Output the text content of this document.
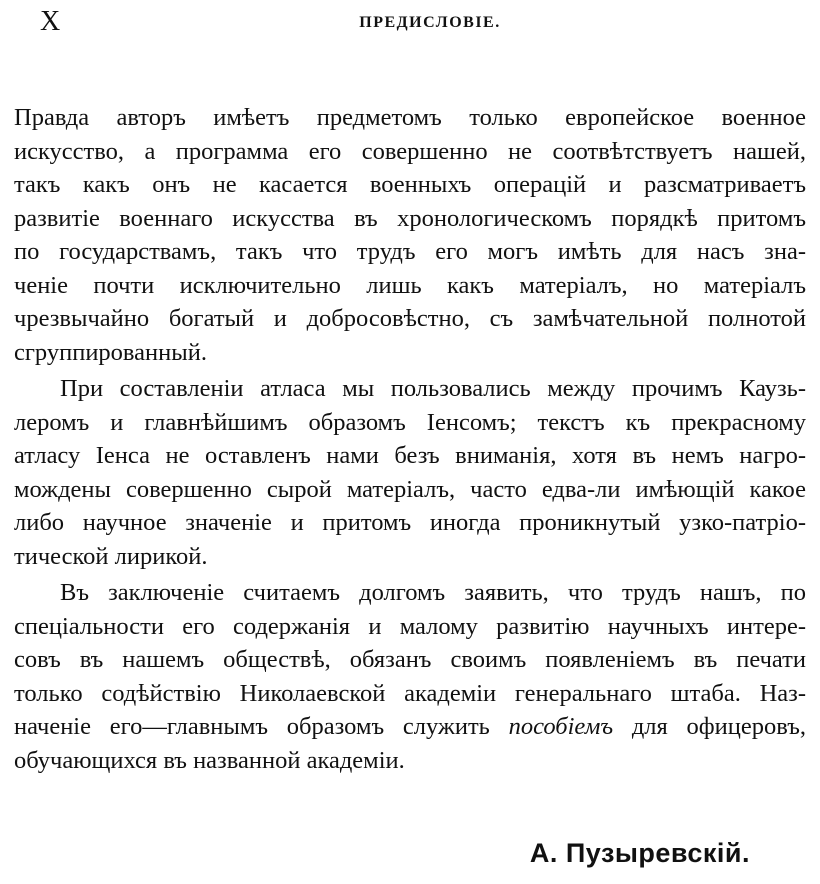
X	ПРЕДИСЛОВІЕ.
Правда авторъ имѣетъ предметомъ только европейское военное
искусство, а программа его совершенно не соотвѣтствуетъ нашей,
такъ какъ онъ не касается военныхъ операцій и разсматриваетъ
развитіе военнаго искусства въ хронологическомъ порядкѣ притомъ
по государствамъ, такъ что трудъ его могъ имѣть для насъ зна-
ченіе почти исключительно лишь какъ матеріалъ, но матеріалъ
чрезвычайно богатый и добросовѣстно, съ замѣчательной полнотой
сгруппированный.
При составленіи атласа мы пользовались между прочимъ Каузь-
леромъ и главнѣйшимъ образомъ Іенсомъ; текстъ къ прекрасному
атласу Іенса не оставленъ нами безъ вниманія, хотя въ немъ нагро-
мождены совершенно сырой матеріалъ, часто едва-ли имѣющій какое
либо научное значеніе и притомъ иногда проникнутый узко-патріо-
тической лирикой.
Въ заключеніе считаемъ долгомъ заявить, что трудъ нашъ, по
спеціальности его содержанія и малому развитію научныхъ интере-
совъ въ нашемъ обществѣ, обязанъ своимъ появленіемъ въ печати
только содѣйствію Николаевской академіи генеральнаго штаба. Наз-
наченіе его—главнымъ образомъ служить пособіемъ для офицеровъ,
обучающихся въ названной академіи.
А. Пузыревскій.
